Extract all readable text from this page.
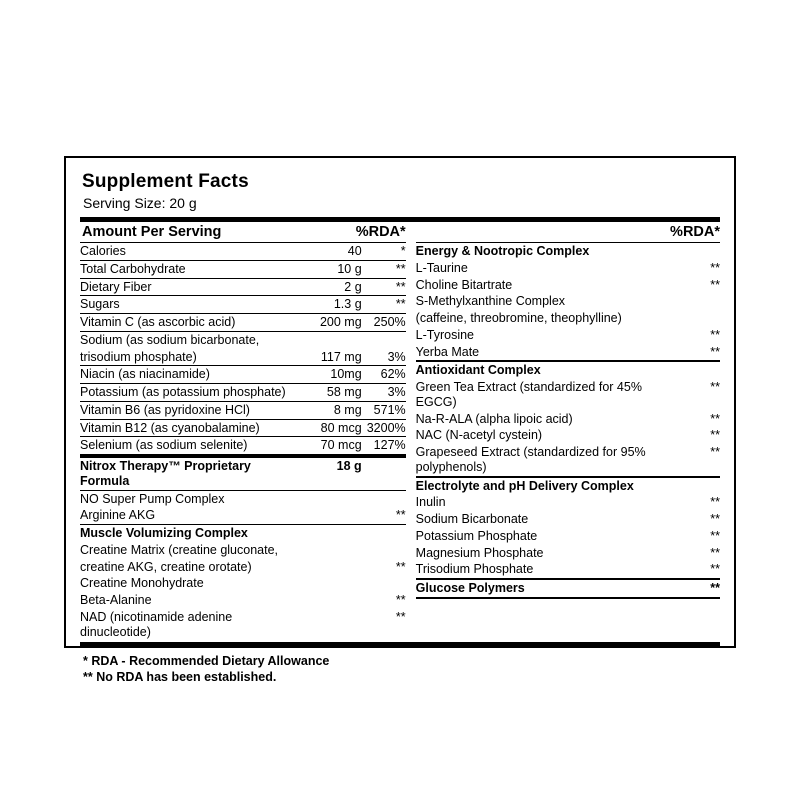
Supplement Facts
Serving Size: 20 g
Amount Per Serving	%RDA*
Calories	40	*
Total Carbohydrate	10 g	**
Dietary Fiber	2 g	**
Sugars	1.3 g	**
Vitamin C (as ascorbic acid)	200 mg	250%
Sodium (as sodium bicarbonate,		
trisodium phosphate)	117 mg	3%
Niacin (as niacinamide)	10mg	62%
Potassium (as potassium phosphate)	58 mg	3%
Vitamin B6 (as pyridoxine HCl)	8 mg	571%
Vitamin B12 (as cyanobalamine)	80 mcg	3200%
Selenium (as sodium selenite)	70 mcg	127%
Nitrox Therapy™ Proprietary Formula	18 g	
NO Super Pump Complex		
Arginine AKG		**
Muscle Volumizing Complex		
Creatine Matrix (creatine gluconate,		
creatine AKG, creatine orotate)		**
Creatine Monohydrate		
Beta-Alanine		**
NAD (nicotinamide adenine dinucleotide)		**
%RDA*
Energy & Nootropic Complex	
L-Taurine	**
Choline Bitartrate	**
S-Methylxanthine Complex	
(caffeine, threobromine, theophylline)	
L-Tyrosine	**
Yerba Mate	**
Antioxidant Complex	
Green Tea Extract (standardized for 45% EGCG)	**
Na-R-ALA (alpha lipoic acid)	**
NAC (N-acetyl cystein)	**
Grapeseed Extract (standardized for 95% polyphenols)	**
Electrolyte and pH Delivery Complex	
Inulin	**
Sodium Bicarbonate	**
Potassium Phosphate	**
Magnesium Phosphate	**
Trisodium Phosphate	**
Glucose Polymers	**
* RDA - Recommended Dietary Allowance
** No RDA has been established.
